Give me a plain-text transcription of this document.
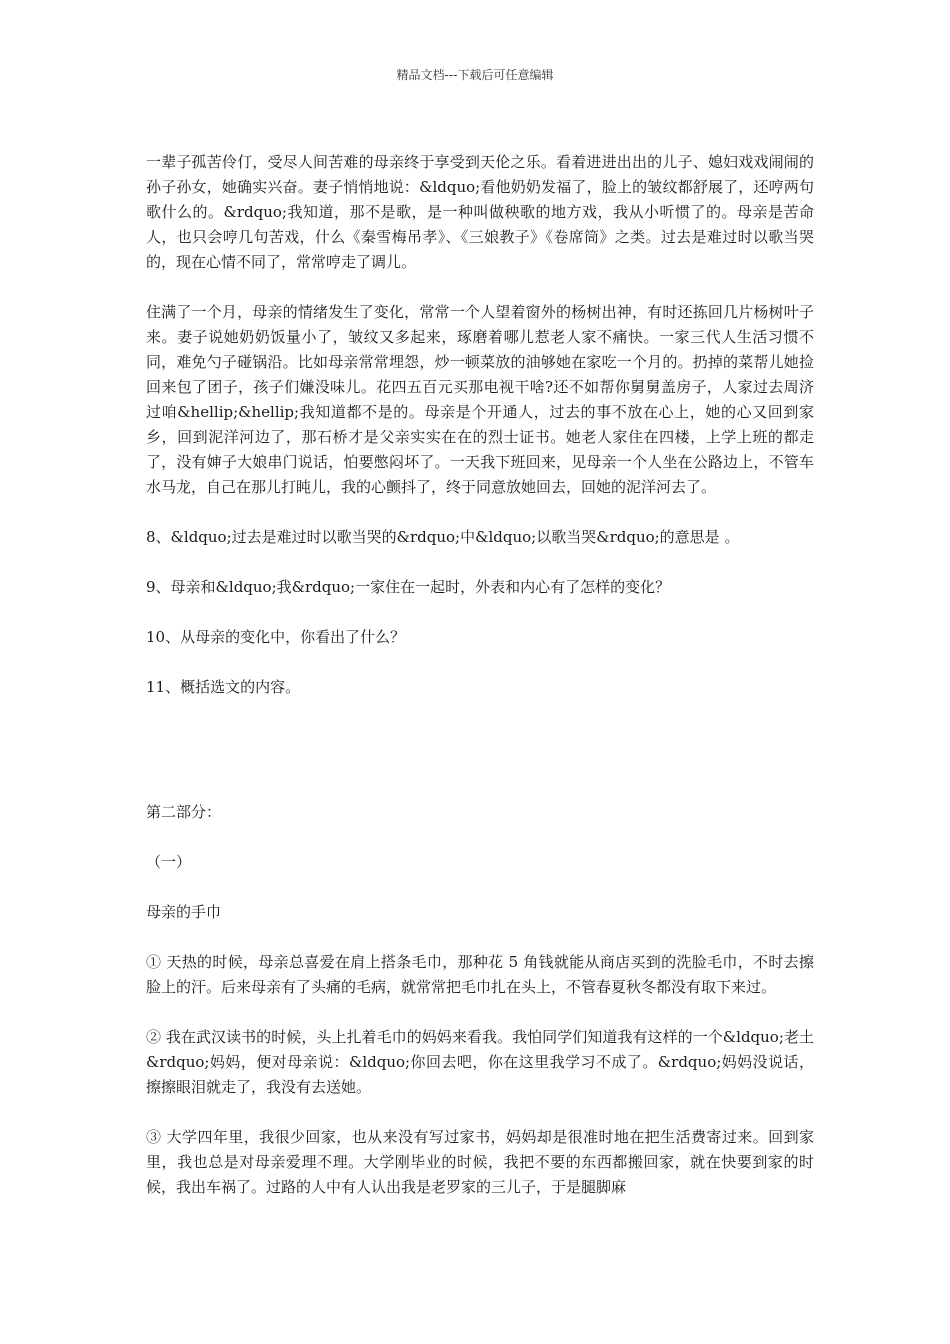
精品文档---下载后可任意编辑

一辈子孤苦伶仃，受尽人间苦难的母亲终于享受到天伦之乐。看着进进出出的儿子、媳妇戏戏闹闹的孙子孙女，她确实兴奋。妻子悄悄地说：&ldquo;看他奶奶发福了，脸上的皱纹都舒展了，还哼两句歌什么的。&rdquo;我知道，那不是歌，是一种叫做秧歌的地方戏，我从小听惯了的。母亲是苦命人，也只会哼几句苦戏，什么《秦雪梅吊孝》、《三娘教子》《卷席筒》之类。过去是难过时以歌当哭的，现在心情不同了，常常哼走了调儿。

住满了一个月，母亲的情绪发生了变化，常常一个人望着窗外的杨树出神，有时还拣回几片杨树叶子来。妻子说她奶奶饭量小了，皱纹又多起来，琢磨着哪儿惹老人家不痛快。一家三代人生活习惯不同，难免勺子碰锅沿。比如母亲常常埋怨，炒一顿菜放的油够她在家吃一个月的。扔掉的菜帮儿她捡回来包了团子，孩子们嫌没味儿。花四五百元买那电视干啥?还不如帮你舅舅盖房子，人家过去周济过咱&hellip;&hellip;我知道都不是的。母亲是个开通人，过去的事不放在心上，她的心又回到家乡，回到泥洋河边了，那石桥才是父亲实实在在的烈士证书。她老人家住在四楼，上学上班的都走了，没有婶子大娘串门说话，怕要憋闷坏了。一天我下班回来，见母亲一个人坐在公路边上，不管车水马龙，自己在那儿打盹儿，我的心颤抖了，终于同意放她回去，回她的泥洋河去了。

8、&ldquo;过去是难过时以歌当哭的&rdquo;中&ldquo;以歌当哭&rdquo;的意思是 。

9、母亲和&ldquo;我&rdquo;一家住在一起时，外表和内心有了怎样的变化？

10、从母亲的变化中，你看出了什么？

11、概括选文的内容。

第二部分：

（一）

母亲的手巾

① 天热的时候，母亲总喜爱在肩上搭条毛巾，那种花 5 角钱就能从商店买到的洗脸毛巾，不时去擦脸上的汗。后来母亲有了头痛的毛病，就常常把毛巾扎在头上，不管春夏秋冬都没有取下来过。

② 我在武汉读书的时候，头上扎着毛巾的妈妈来看我。我怕同学们知道我有这样的一个&ldquo;老土&rdquo;妈妈，便对母亲说：&ldquo;你回去吧，你在这里我学习不成了。&rdquo;妈妈没说话，擦擦眼泪就走了，我没有去送她。

③ 大学四年里，我很少回家，也从来没有写过家书，妈妈却是很准时地在把生活费寄过来。回到家里，我也总是对母亲爱理不理。大学刚毕业的时候，我把不要的东西都搬回家，就在快要到家的时候，我出车祸了。过路的人中有人认出我是老罗家的三儿子，于是腿脚麻
